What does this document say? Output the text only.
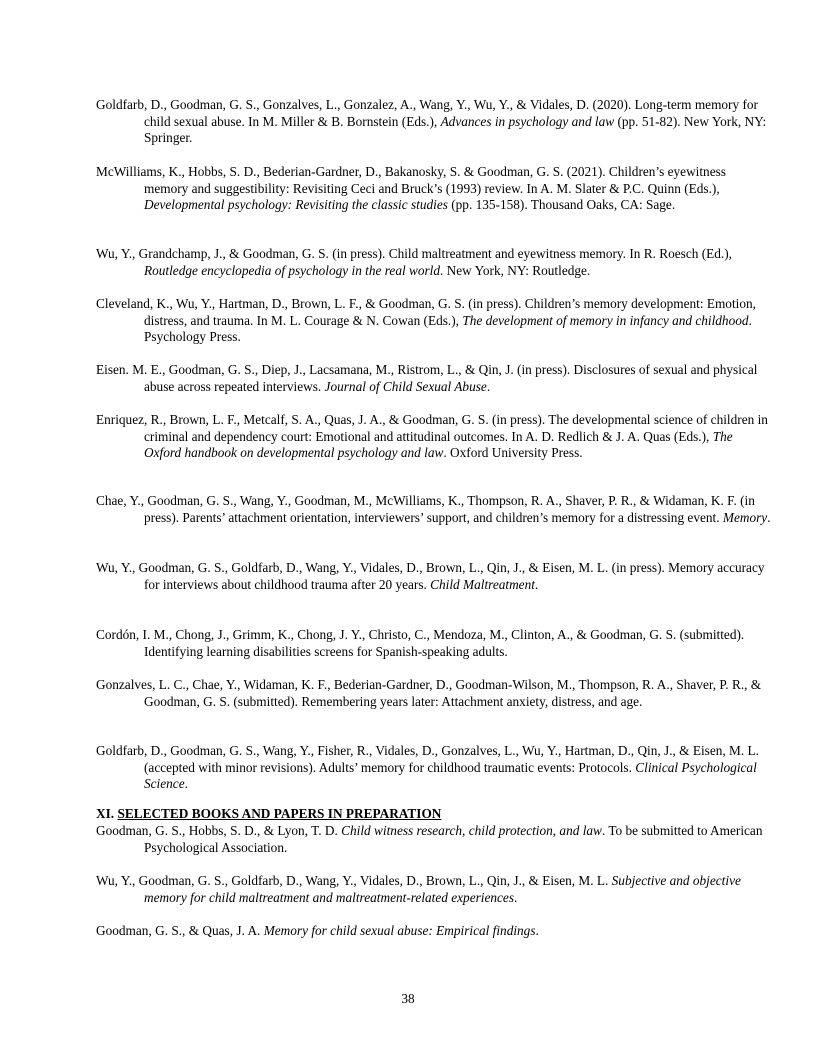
Goldfarb, D., Goodman, G. S., Gonzalves, L., Gonzalez, A., Wang, Y., Wu, Y., & Vidales, D. (2020). Long-term memory for child sexual abuse. In M. Miller & B. Bornstein (Eds.), Advances in psychology and law (pp. 51-82). New York, NY: Springer.

McWilliams, K., Hobbs, S. D., Bederian-Gardner, D., Bakanosky, S. & Goodman, G. S. (2021). Children’s eyewitness memory and suggestibility: Revisiting Ceci and Bruck’s (1993) review. In A. M. Slater & P.C. Quinn (Eds.), Developmental psychology: Revisiting the classic studies (pp. 135-158). Thousand Oaks, CA: Sage.

Wu, Y., Grandchamp, J., & Goodman, G. S. (in press). Child maltreatment and eyewitness memory. In R. Roesch (Ed.), Routledge encyclopedia of psychology in the real world. New York, NY: Routledge.

Cleveland, K., Wu, Y., Hartman, D., Brown, L. F., & Goodman, G. S. (in press). Children’s memory development: Emotion, distress, and trauma. In M. L. Courage & N. Cowan (Eds.), The development of memory in infancy and childhood. Psychology Press.

Eisen. M. E., Goodman, G. S., Diep, J., Lacsamana, M., Ristrom, L., & Qin, J. (in press). Disclosures of sexual and physical abuse across repeated interviews. Journal of Child Sexual Abuse.

Enriquez, R., Brown, L. F., Metcalf, S. A., Quas, J. A., & Goodman, G. S. (in press). The developmental science of children in criminal and dependency court: Emotional and attitudinal outcomes. In A. D. Redlich & J. A. Quas (Eds.), The Oxford handbook on developmental psychology and law. Oxford University Press.

Chae, Y., Goodman, G. S., Wang, Y., Goodman, M., McWilliams, K., Thompson, R. A., Shaver, P. R., & Widaman, K. F. (in press). Parents’ attachment orientation, interviewers’ support, and children’s memory for a distressing event. Memory.

Wu, Y., Goodman, G. S., Goldfarb, D., Wang, Y., Vidales, D., Brown, L., Qin, J., & Eisen, M. L. (in press). Memory accuracy for interviews about childhood trauma after 20 years. Child Maltreatment.

Cordón, I. M., Chong, J., Grimm, K., Chong, J. Y., Christo, C., Mendoza, M., Clinton, A., & Goodman, G. S. (submitted). Identifying learning disabilities screens for Spanish-speaking adults.

Gonzalves, L. C., Chae, Y., Widaman, K. F., Bederian-Gardner, D., Goodman-Wilson, M., Thompson, R. A., Shaver, P. R., & Goodman, G. S. (submitted). Remembering years later: Attachment anxiety, distress, and age.

Goldfarb, D., Goodman, G. S., Wang, Y., Fisher, R., Vidales, D., Gonzalves, L., Wu, Y., Hartman, D., Qin, J., & Eisen, M. L. (accepted with minor revisions). Adults’ memory for childhood traumatic events: Protocols. Clinical Psychological Science.

XI. SELECTED BOOKS AND PAPERS IN PREPARATION

Goodman, G. S., Hobbs, S. D., & Lyon, T. D. Child witness research, child protection, and law. To be submitted to American Psychological Association.

Wu, Y., Goodman, G. S., Goldfarb, D., Wang, Y., Vidales, D., Brown, L., Qin, J., & Eisen, M. L. Subjective and objective memory for child maltreatment and maltreatment-related experiences.

Goodman, G. S., & Quas, J. A. Memory for child sexual abuse: Empirical findings.

38
